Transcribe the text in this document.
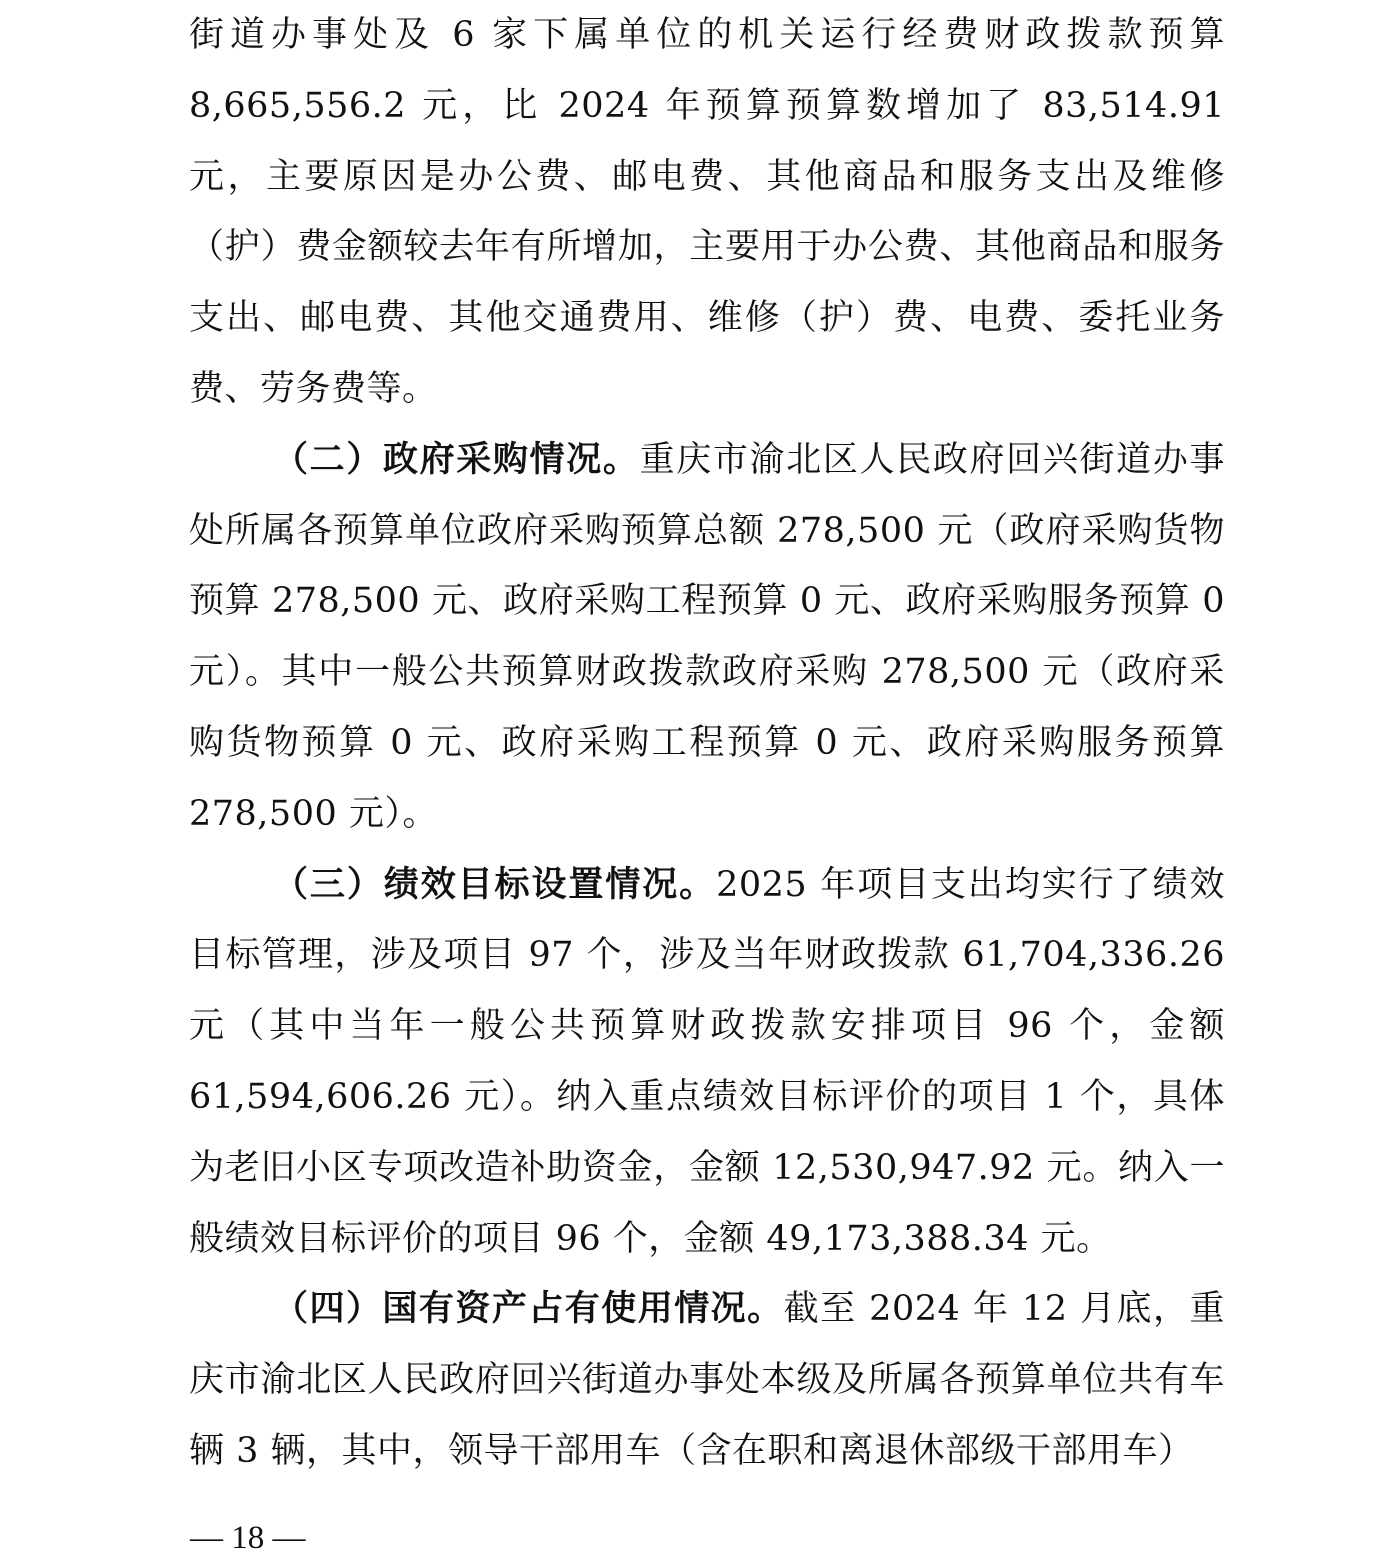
街道办事处及 6 家下属单位的机关运行经费财政拨款预算 8,665,556.2 元，比 2024 年预算预算数增加了 83,514.91 元，主要原因是办公费、邮电费、其他商品和服务支出及维修（护）费金额较去年有所增加，主要用于办公费、其他商品和服务支出、邮电费、其他交通费用、维修（护）费、电费、委托业务费、劳务费等。

（二）政府采购情况。重庆市渝北区人民政府回兴街道办事处所属各预算单位政府采购预算总额 278,500 元（政府采购货物预算 278,500 元、政府采购工程预算 0 元、政府采购服务预算 0 元）。其中一般公共预算财政拨款政府采购 278,500 元（政府采购货物预算 0 元、政府采购工程预算 0 元、政府采购服务预算 278,500 元）。

（三）绩效目标设置情况。2025 年项目支出均实行了绩效目标管理，涉及项目 97 个，涉及当年财政拨款 61,704,336.26 元（其中当年一般公共预算财政拨款安排项目 96 个，金额 61,594,606.26 元）。纳入重点绩效目标评价的项目 1 个，具体为老旧小区专项改造补助资金，金额 12,530,947.92 元。纳入一般绩效目标评价的项目 96 个，金额 49,173,388.34 元。

（四）国有资产占有使用情况。截至 2024 年 12 月底，重庆市渝北区人民政府回兴街道办事处本级及所属各预算单位共有车辆 3 辆，其中，领导干部用车（含在职和离退休部级干部用车）

— 18 —
